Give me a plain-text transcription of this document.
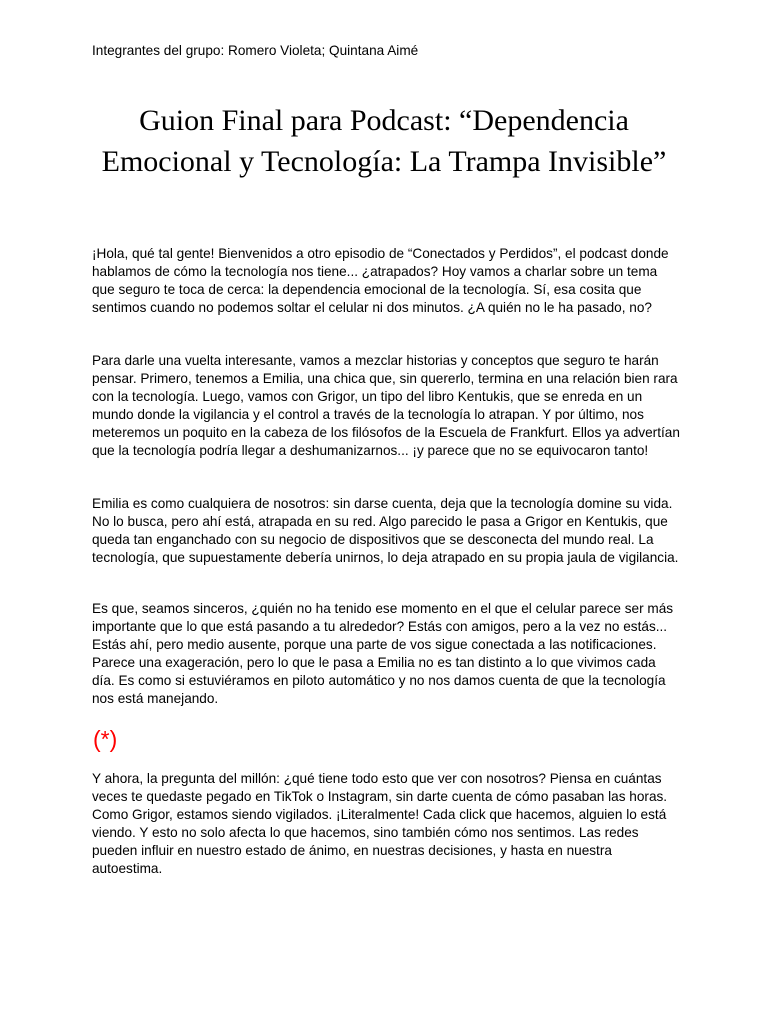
Integrantes del grupo: Romero Violeta; Quintana Aimé

Guion Final para Podcast: “Dependencia Emocional y Tecnología: La Trampa Invisible”

¡Hola, qué tal gente! Bienvenidos a otro episodio de “Conectados y Perdidos”, el podcast donde hablamos de cómo la tecnología nos tiene... ¿atrapados? Hoy vamos a charlar sobre un tema que seguro te toca de cerca: la dependencia emocional de la tecnología. Sí, esa cosita que sentimos cuando no podemos soltar el celular ni dos minutos. ¿A quién no le ha pasado, no?

Para darle una vuelta interesante, vamos a mezclar historias y conceptos que seguro te harán pensar. Primero, tenemos a Emilia, una chica que, sin quererlo, termina en una relación bien rara con la tecnología. Luego, vamos con Grigor, un tipo del libro Kentukis, que se enreda en un mundo donde la vigilancia y el control a través de la tecnología lo atrapan. Y por último, nos meteremos un poquito en la cabeza de los filósofos de la Escuela de Frankfurt. Ellos ya advertían que la tecnología podría llegar a deshumanizarnos... ¡y parece que no se equivocaron tanto!

Emilia es como cualquiera de nosotros: sin darse cuenta, deja que la tecnología domine su vida. No lo busca, pero ahí está, atrapada en su red. Algo parecido le pasa a Grigor en Kentukis, que queda tan enganchado con su negocio de dispositivos que se desconecta del mundo real. La tecnología, que supuestamente debería unirnos, lo deja atrapado en su propia jaula de vigilancia.

Es que, seamos sinceros, ¿quién no ha tenido ese momento en el que el celular parece ser más importante que lo que está pasando a tu alrededor? Estás con amigos, pero a la vez no estás... Estás ahí, pero medio ausente, porque una parte de vos sigue conectada a las notificaciones. Parece una exageración, pero lo que le pasa a Emilia no es tan distinto a lo que vivimos cada día. Es como si estuviéramos en piloto automático y no nos damos cuenta de que la tecnología nos está manejando.

(*)

Y ahora, la pregunta del millón: ¿qué tiene todo esto que ver con nosotros? Piensa en cuántas veces te quedaste pegado en TikTok o Instagram, sin darte cuenta de cómo pasaban las horas. Como Grigor, estamos siendo vigilados. ¡Literalmente! Cada click que hacemos, alguien lo está viendo. Y esto no solo afecta lo que hacemos, sino también cómo nos sentimos. Las redes pueden influir en nuestro estado de ánimo, en nuestras decisiones, y hasta en nuestra autoestima.
